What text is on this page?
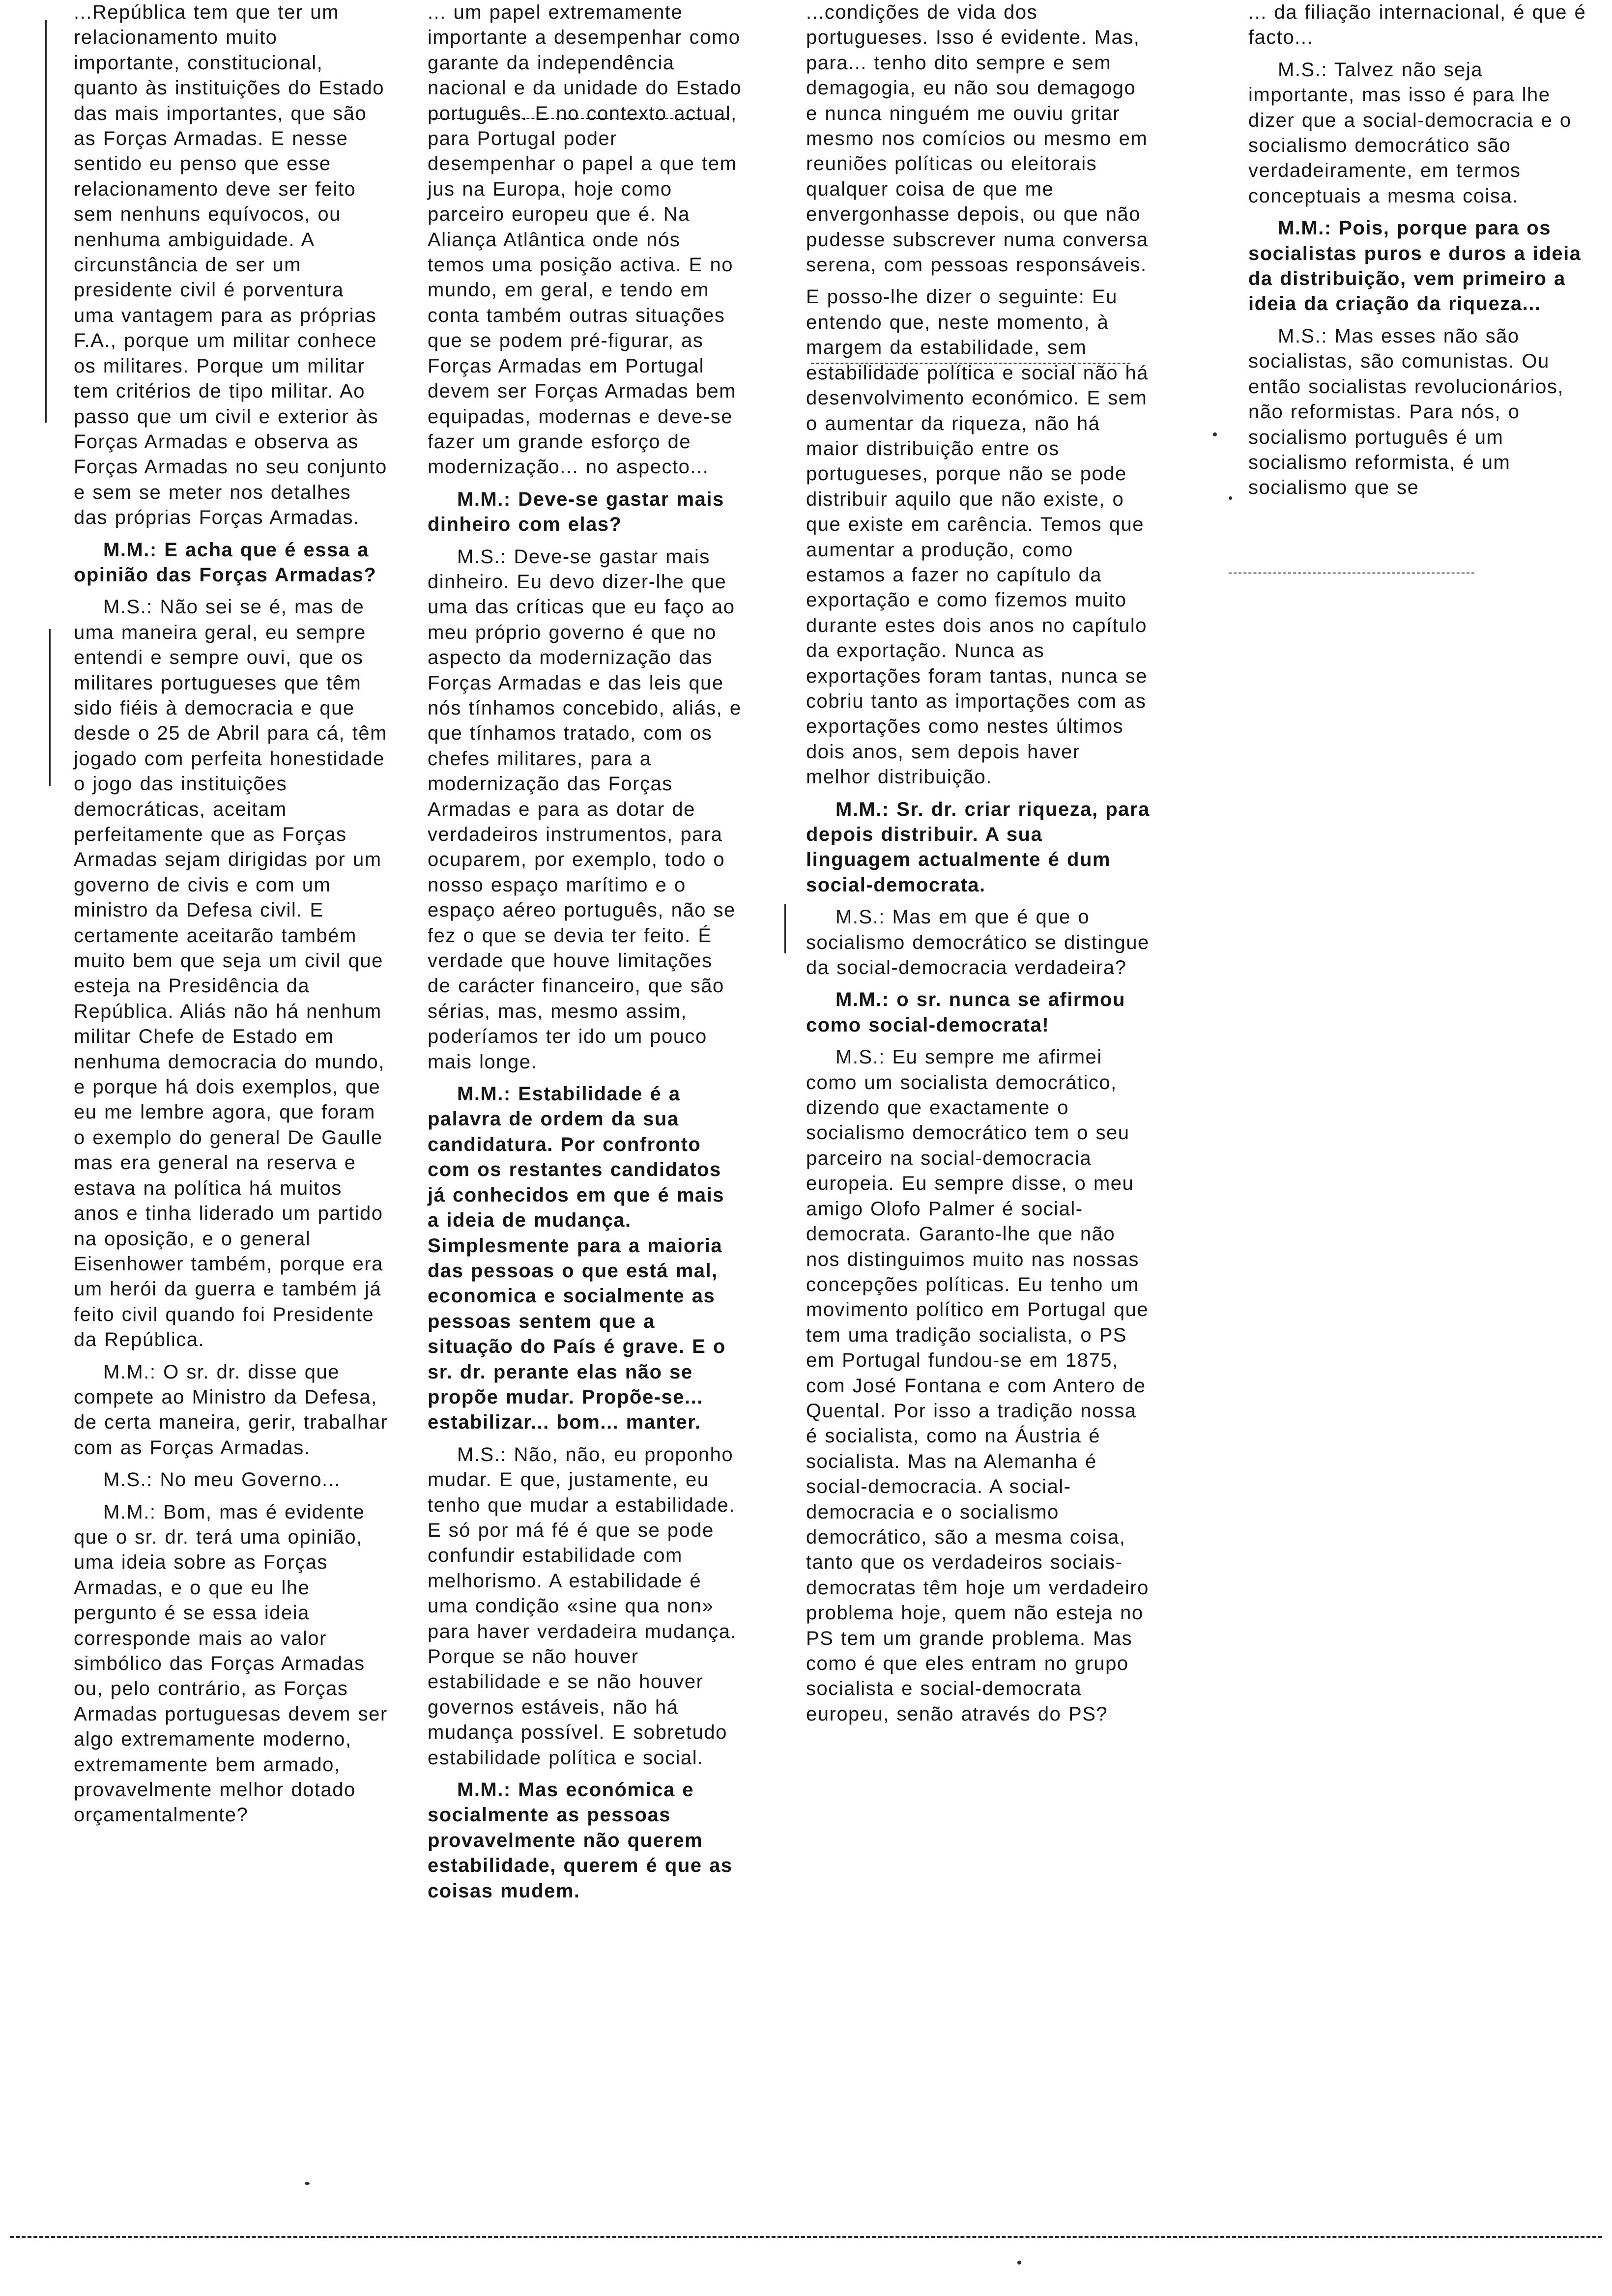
...República tem que ter um relacionamento muito importante, constitucional, quanto às instituições do Estado das mais importantes, que são as Forças Armadas. E nesse sentido eu penso que esse relacionamento deve ser feito sem nenhuns equívocos, ou nenhuma ambiguidade. A circunstância de ser um presidente civil é porventura uma vantagem para as próprias F.A., porque um militar conhece os militares. Porque um militar tem critérios de tipo militar. Ao passo que um civil e exterior às Forças Armadas e observa as Forças Armadas no seu conjunto e sem se meter nos detalhes das próprias Forças Armadas.

M.M.: E acha que é essa a opinião das Forças Armadas?

M.S.: Não sei se é, mas de uma maneira geral, eu sempre entendi e sempre ouvi, que os militares portugueses que têm sido fiéis à democracia e que desde o 25 de Abril para cá, têm jogado com perfeita honestidade o jogo das instituições democráticas, aceitam perfeitamente que as Forças Armadas sejam dirigidas por um governo de civis e com um ministro da Defesa civil. E certamente aceitarão também muito bem que seja um civil que esteja na Presidência da República. Aliás não há nenhum militar Chefe de Estado em nenhuma democracia do mundo, e porque há dois exemplos, que eu me lembre agora, que foram o exemplo do general De Gaulle mas era general na reserva e estava na política há muitos anos e tinha liderado um partido na oposição, e o general Eisenhower também, porque era um herói da guerra e também já feito civil quando foi Presidente da República.

M.M.: O sr. dr. disse que compete ao Ministro da Defesa, de certa maneira, gerir, trabalhar com as Forças Armadas.

M.S.: No meu Governo...

M.M.: Bom, mas é evidente que o sr. dr. terá uma opinião, uma ideia sobre as Forças Armadas, e o que eu lhe pergunto é se essa ideia corresponde mais ao valor simbólico das Forças Armadas ou, pelo contrário, as Forças Armadas portuguesas devem ser algo extremamente moderno, extremamente bem armado, provavelmente melhor dotado orçamentalmente?

... um papel extremamente importante a desempenhar como garante da independência nacional e da unidade do Estado português. E no contexto actual, para Portugal poder desempenhar o papel a que tem jus na Europa, hoje como parceiro europeu que é. Na Aliança Atlântica onde nós temos uma posição activa. E no mundo, em geral, e tendo em conta também outras situações que se podem pré-figurar, as Forças Armadas em Portugal devem ser Forças Armadas bem equipadas, modernas e deve-se fazer um grande esforço de modernização... no aspecto...

M.M.: Deve-se gastar mais dinheiro com elas?

M.S.: Deve-se gastar mais dinheiro. Eu devo dizer-lhe que uma das críticas que eu faço ao meu próprio governo é que no aspecto da modernização das Forças Armadas e das leis que nós tínhamos concebido, aliás, e que tínhamos tratado, com os chefes militares, para a modernização das Forças Armadas e para as dotar de verdadeiros instrumentos, para ocuparem, por exemplo, todo o nosso espaço marítimo e o espaço aéreo português, não se fez o que se devia ter feito. É verdade que houve limitações de carácter financeiro, que são sérias, mas, mesmo assim, poderíamos ter ido um pouco mais longe.

M.M.: Estabilidade é a palavra de ordem da sua candidatura. Por confronto com os restantes candidatos já conhecidos em que é mais a ideia de mudança. Simplesmente para a maioria das pessoas o que está mal, economica e socialmente as pessoas sentem que a situação do País é grave. E o sr. dr. perante elas não se propõe mudar. Propõe-se... estabilizar... bom... manter.

M.S.: Não, não, eu proponho mudar. E que, justamente, eu tenho que mudar a estabilidade. E só por má fé é que se pode confundir estabilidade com melhorismo. A estabilidade é uma condição «sine qua non» para haver verdadeira mudança. Porque se não houver estabilidade e se não houver governos estáveis, não há mudança possível. E sobretudo estabilidade política e social.

M.M.: Mas económica e socialmente as pessoas provavelmente não querem estabilidade, querem é que as coisas mudem.

...condições de vida dos portugueses. Isso é evidente. Mas, para... tenho dito sempre e sem demagogia, eu não sou demagogo e nunca ninguém me ouviu gritar mesmo nos comícios ou mesmo em reuniões políticas ou eleitorais qualquer coisa de que me envergonhasse depois, ou que não pudesse subscrever numa conversa serena, com pessoas responsáveis.

E posso-lhe dizer o seguinte: Eu entendo que, neste momento, à margem da estabilidade, sem estabilidade política e social não há desenvolvimento económico. E sem o aumentar da riqueza, não há maior distribuição entre os portugueses, porque não se pode distribuir aquilo que não existe, o que existe em carência. Temos que aumentar a produção, como estamos a fazer no capítulo da exportação e como fizemos muito durante estes dois anos no capítulo da exportação. Nunca as exportações foram tantas, nunca se cobriu tanto as importações com as exportações como nestes últimos dois anos, sem depois haver melhor distribuição.

M.M.: Sr. dr. criar riqueza, para depois distribuir. A sua linguagem actualmente é dum social-democrata.

M.S.: Mas em que é que o socialismo democrático se distingue da social-democracia verdadeira?

M.M.: o sr. nunca se afirmou como social-democrata!

M.S.: Eu sempre me afirmei como um socialista democrático, dizendo que exactamente o socialismo democrático tem o seu parceiro na social-democracia europeia. Eu sempre disse, o meu amigo Olofo Palmer é social-democrata. Garanto-lhe que não nos distinguimos muito nas nossas concepções políticas. Eu tenho um movimento político em Portugal que tem uma tradição socialista, o PS em Portugal fundou-se em 1875, com José Fontana e com Antero de Quental. Por isso a tradição nossa é socialista, como na Áustria é socialista. Mas na Alemanha é social-democracia. A social-democracia e o socialismo democrático, são a mesma coisa, tanto que os verdadeiros sociais-democratas têm hoje um verdadeiro problema hoje, quem não esteja no PS tem um grande problema. Mas como é que eles entram no grupo socialista e social-democrata europeu, senão através do PS?

... da filiação internacional, é que é facto...

M.S.: Talvez não seja importante, mas isso é para lhe dizer que a social-democracia e o socialismo democrático são verdadeiramente, em termos conceptuais a mesma coisa.

M.M.: Pois, porque para os socialistas puros e duros a ideia da distribuição, vem primeiro a ideia da criação da riqueza...

M.S.: Mas esses não são socialistas, são comunistas. Ou então socialistas revolucionários, não reformistas. Para nós, o socialismo português é um socialismo reformista, é um socialismo que se
